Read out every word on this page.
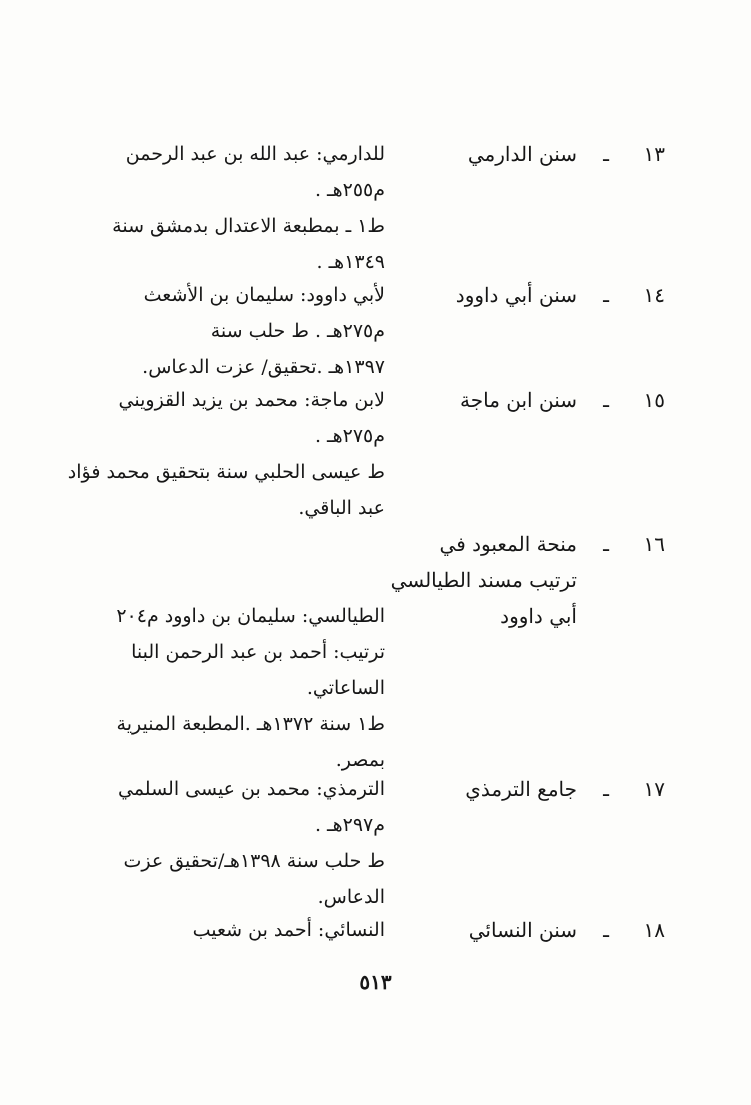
١٣
ـ
سنن الدارمي
للدارمي: عبد الله بن عبد الرحمن
م٢٥٥هـ .
ط١ ـ بمطبعة الاعتدال بدمشق سنة
١٣٤٩هـ .
١٤
ـ
سنن أبي داوود
لأبي داوود: سليمان بن الأشعث
م٢٧٥هـ . ط حلب سنة
١٣٩٧هـ .تحقيق/ عزت الدعاس.
١٥
ـ
سنن ابن ماجة
لابن ماجة: محمد بن يزيد القزويني
م٢٧٥هـ .
ط عيسى الحلبي سنة بتحقيق محمد فؤاد
عبد الباقي.
١٦
ـ
منحة المعبود في
ترتيب مسند الطيالسي
أبي داوود
الطيالسي: سليمان بن داوود م٢٠٤
ترتيب: أحمد بن عبد الرحمن البنا
الساعاتي.
ط١ سنة ١٣٧٢هـ .المطبعة المنيرية
بمصر.
١٧
ـ
جامع الترمذي
الترمذي: محمد بن عيسى السلمي
م٢٩٧هـ .
ط حلب سنة ١٣٩٨هـ/تحقيق عزت
الدعاس.
١٨
ـ
سنن النسائي
النسائي: أحمد بن شعيب
٥١٣
